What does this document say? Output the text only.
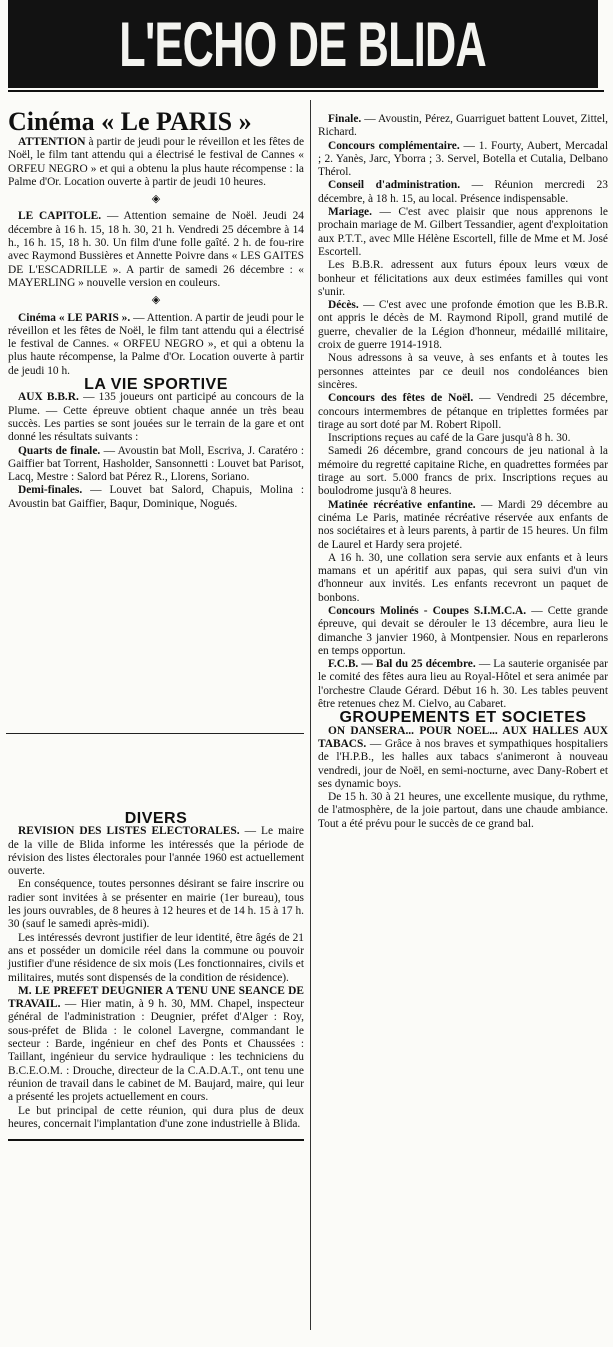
L'ECHO DE BLIDA

Cinéma « Le PARIS »

ATTENTION à partir de jeudi pour le réveillon et les fêtes de Noël, le film tant attendu qui a électrisé le festival de Cannes « ORFEU NEGRO » et qui a obtenu la plus haute récompense : la Palme d'Or. Location ouverte à partir de jeudi 10 heures.

◈

LE CAPITOLE. — Attention semaine de Noël. Jeudi 24 décembre à 16 h. 15, 18 h. 30, 21 h. Vendredi 25 décembre à 14 h., 16 h. 15, 18 h. 30. Un film d'une folle gaîté. 2 h. de fou-rire avec Raymond Bussières et Annette Poivre dans « LES GAITES DE L'ESCADRILLE ». A partir de samedi 26 décembre : « MAYERLING » nouvelle version en couleurs.

◈

Cinéma « LE PARIS ». — Attention. A partir de jeudi pour le réveillon et les fêtes de Noël, le film tant attendu qui a électrisé le festival de Cannes. « ORFEU NEGRO », et qui a obtenu la plus haute récompense, la Palme d'Or. Location ouverte à partir de jeudi 10 h.

LA VIE SPORTIVE

AUX B.B.R. — 135 joueurs ont participé au concours de la Plume. — Cette épreuve obtient chaque année un très beau succès. Les parties se sont jouées sur le terrain de la gare et ont donné les résultats suivants :

Quarts de finale. — Avoustin bat Moll, Escriva, J. Caratéro : Gaiffier bat Torrent, Hasholder, Sansonnetti : Louvet bat Parisot, Lacq, Mestre : Salord bat Pérez R., Llorens, Soriano.

Demi-finales. — Louvet bat Salord, Chapuis, Molina : Avoustin bat Gaiffier, Baqur, Dominique, Nogués.

DIVERS

REVISION DES LISTES ELECTORALES. — Le maire de la ville de Blida informe les intéressés que la période de révision des listes électorales pour l'année 1960 est actuellement ouverte.

En conséquence, toutes personnes désirant se faire inscrire ou radier sont invitées à se présenter en mairie (1er bureau), tous les jours ouvrables, de 8 heures à 12 heures et de 14 h. 15 à 17 h. 30 (sauf le samedi après-midi).

Les intéressés devront justifier de leur identité, être âgés de 21 ans et posséder un domicile réel dans la commune ou pouvoir justifier d'une résidence de six mois (Les fonctionnaires, civils et militaires, mutés sont dispensés de la condition de résidence).

M. LE PREFET DEUGNIER A TENU UNE SEANCE DE TRAVAIL. — Hier matin, à 9 h. 30, MM. Chapel, inspecteur général de l'administration : Deugnier, préfet d'Alger : Roy, sous-préfet de Blida : le colonel Lavergne, commandant le secteur : Barde, ingénieur en chef des Ponts et Chaussées : Taillant, ingénieur du service hydraulique : les techniciens du B.C.E.O.M. : Drouche, directeur de la C.A.D.A.T., ont tenu une réunion de travail dans le cabinet de M. Baujard, maire, qui leur a présenté les projets actuellement en cours.

Le but principal de cette réunion, qui dura plus de deux heures, concernait l'implantation d'une zone industrielle à Blida.

Finale. — Avoustin, Pérez, Guarriguet battent Louvet, Zittel, Richard.

Concours complémentaire. — 1. Fourty, Aubert, Mercadal ; 2. Yanès, Jarc, Yborra ; 3. Servel, Botella et Cutalia, Delbano Thérol.

Conseil d'administration. — Réunion mercredi 23 décembre, à 18 h. 15, au local. Présence indispensable.

Mariage. — C'est avec plaisir que nous apprenons le prochain mariage de M. Gilbert Tessandier, agent d'exploitation aux P.T.T., avec Mlle Hélène Escortell, fille de Mme et M. José Escortell.

Les B.B.R. adressent aux futurs époux leurs vœux de bonheur et félicitations aux deux estimées familles qui vont s'unir.

Décès. — C'est avec une profonde émotion que les B.B.R. ont appris le décès de M. Raymond Ripoll, grand mutilé de guerre, chevalier de la Légion d'honneur, médaillé militaire, croix de guerre 1914-1918.

Nous adressons à sa veuve, à ses enfants et à toutes les personnes atteintes par ce deuil nos condoléances bien sincères.

Concours des fêtes de Noël. — Vendredi 25 décembre, concours intermembres de pétanque en triplettes formées par tirage au sort doté par M. Robert Ripoll.

Inscriptions reçues au café de la Gare jusqu'à 8 h. 30.

Samedi 26 décembre, grand concours de jeu national à la mémoire du regretté capitaine Riche, en quadrettes formées par tirage au sort. 5.000 francs de prix. Inscriptions reçues au boulodrome jusqu'à 8 heures.

Matinée récréative enfantine. — Mardi 29 décembre au cinéma Le Paris, matinée récréative réservée aux enfants de nos sociétaires et à leurs parents, à partir de 15 heures. Un film de Laurel et Hardy sera projeté.

A 16 h. 30, une collation sera servie aux enfants et à leurs mamans et un apéritif aux papas, qui sera suivi d'un vin d'honneur aux invités. Les enfants recevront un paquet de bonbons.

Concours Molinés - Coupes S.I.M.C.A. — Cette grande épreuve, qui devait se dérouler le 13 décembre, aura lieu le dimanche 3 janvier 1960, à Montpensier. Nous en reparlerons en temps opportun.

F.C.B. — Bal du 25 décembre. — La sauterie organisée par le comité des fêtes aura lieu au Royal-Hôtel et sera animée par l'orchestre Claude Gérard. Début 16 h. 30. Les tables peuvent être retenues chez M. Cielvo, au Cabaret.

GROUPEMENTS ET SOCIETES

ON DANSERA... POUR NOEL... AUX HALLES AUX TABACS. — Grâce à nos braves et sympathiques hospitaliers de l'H.P.B., les halles aux tabacs s'animeront à nouveau vendredi, jour de Noël, en semi-nocturne, avec Dany-Robert et ses dynamic boys.

De 15 h. 30 à 21 heures, une excellente musique, du rythme, de l'atmosphère, de la joie partout, dans une chaude ambiance. Tout a été prévu pour le succès de ce grand bal.
